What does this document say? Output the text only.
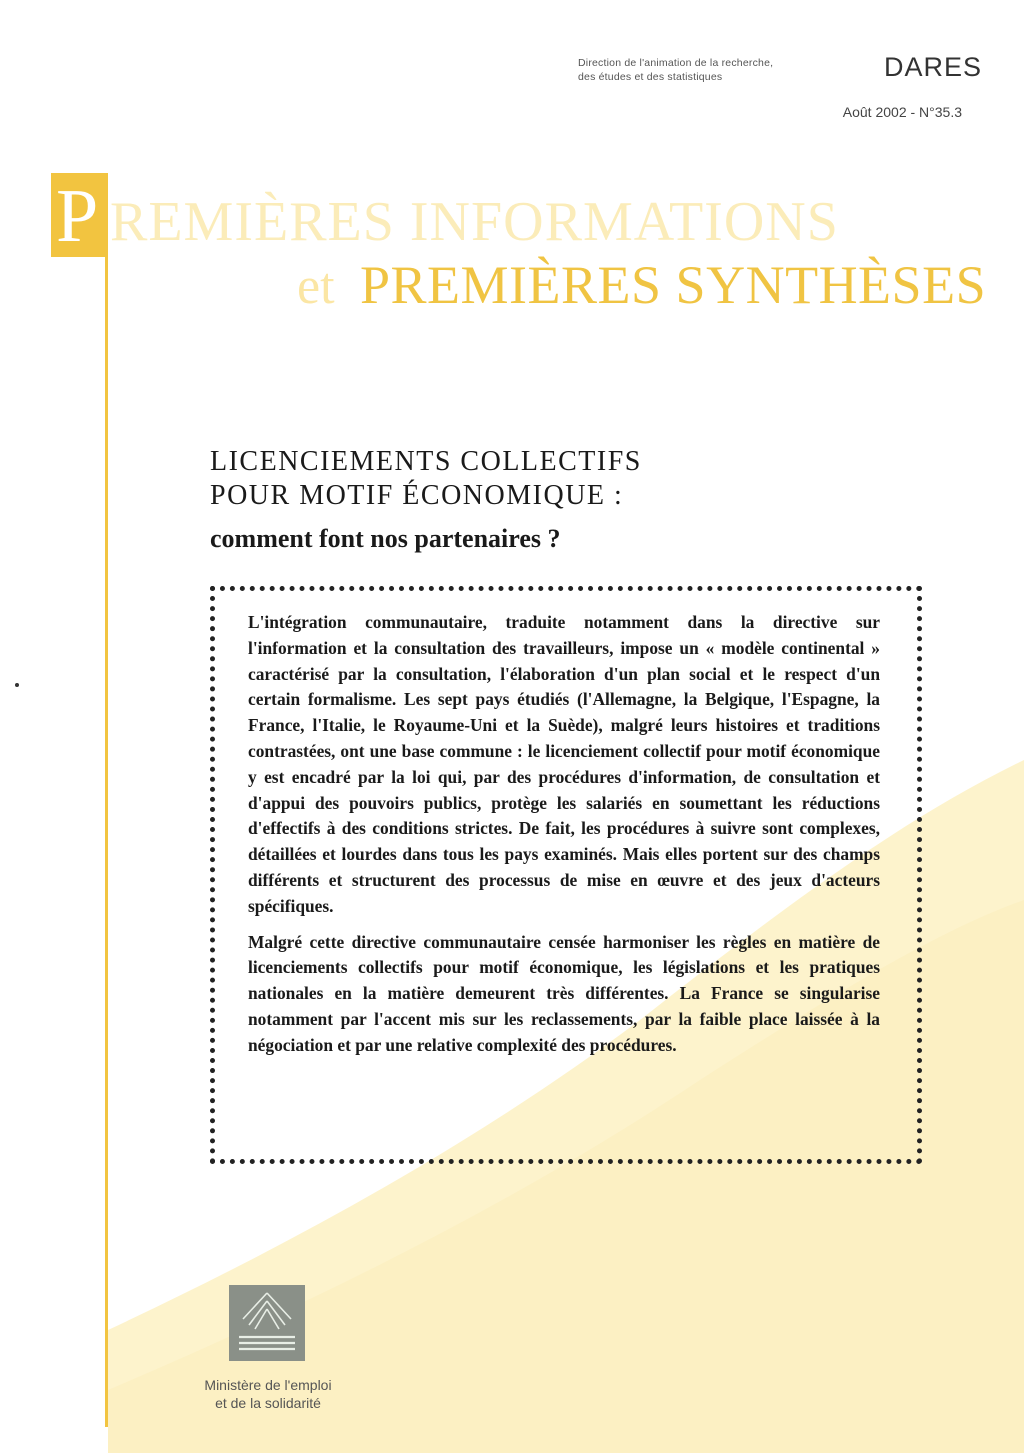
Direction de l'animation de la recherche,
des études et des statistiques	DARES
Août 2002 - N°35.3
P REMIÈRES INFORMATIONS
et PREMIÈRES SYNTHÈSES
LICENCIEMENTS COLLECTIFS
POUR MOTIF ÉCONOMIQUE :
comment font nos partenaires ?

L'intégration communautaire, traduite notamment dans la directive sur l'information et la consultation des travailleurs, impose un « modèle continental » caractérisé par la consultation, l'élaboration d'un plan social et le respect d'un certain formalisme. Les sept pays étudiés (l'Allemagne, la Belgique, l'Espagne, la France, l'Italie, le Royaume-Uni et la Suède), malgré leurs histoires et traditions contrastées, ont une base commune : le licenciement collectif pour motif économique y est encadré par la loi qui, par des procédures d'information, de consultation et d'appui des pouvoirs publics, protège les salariés en soumettant les réductions d'effectifs à des conditions strictes. De fait, les procédures à suivre sont complexes, détaillées et lourdes dans tous les pays examinés. Mais elles portent sur des champs différents et structurent des processus de mise en œuvre et des jeux d'acteurs spécifiques.

Malgré cette directive communautaire censée harmoniser les règles en matière de licenciements collectifs pour motif économique, les législations et les pratiques nationales en la matière demeurent très différentes. La France se singularise notamment par l'accent mis sur les reclassements, par la faible place laissée à la négociation et par une relative complexité des procédures.

Ministère de l'emploi
et de la solidarité
